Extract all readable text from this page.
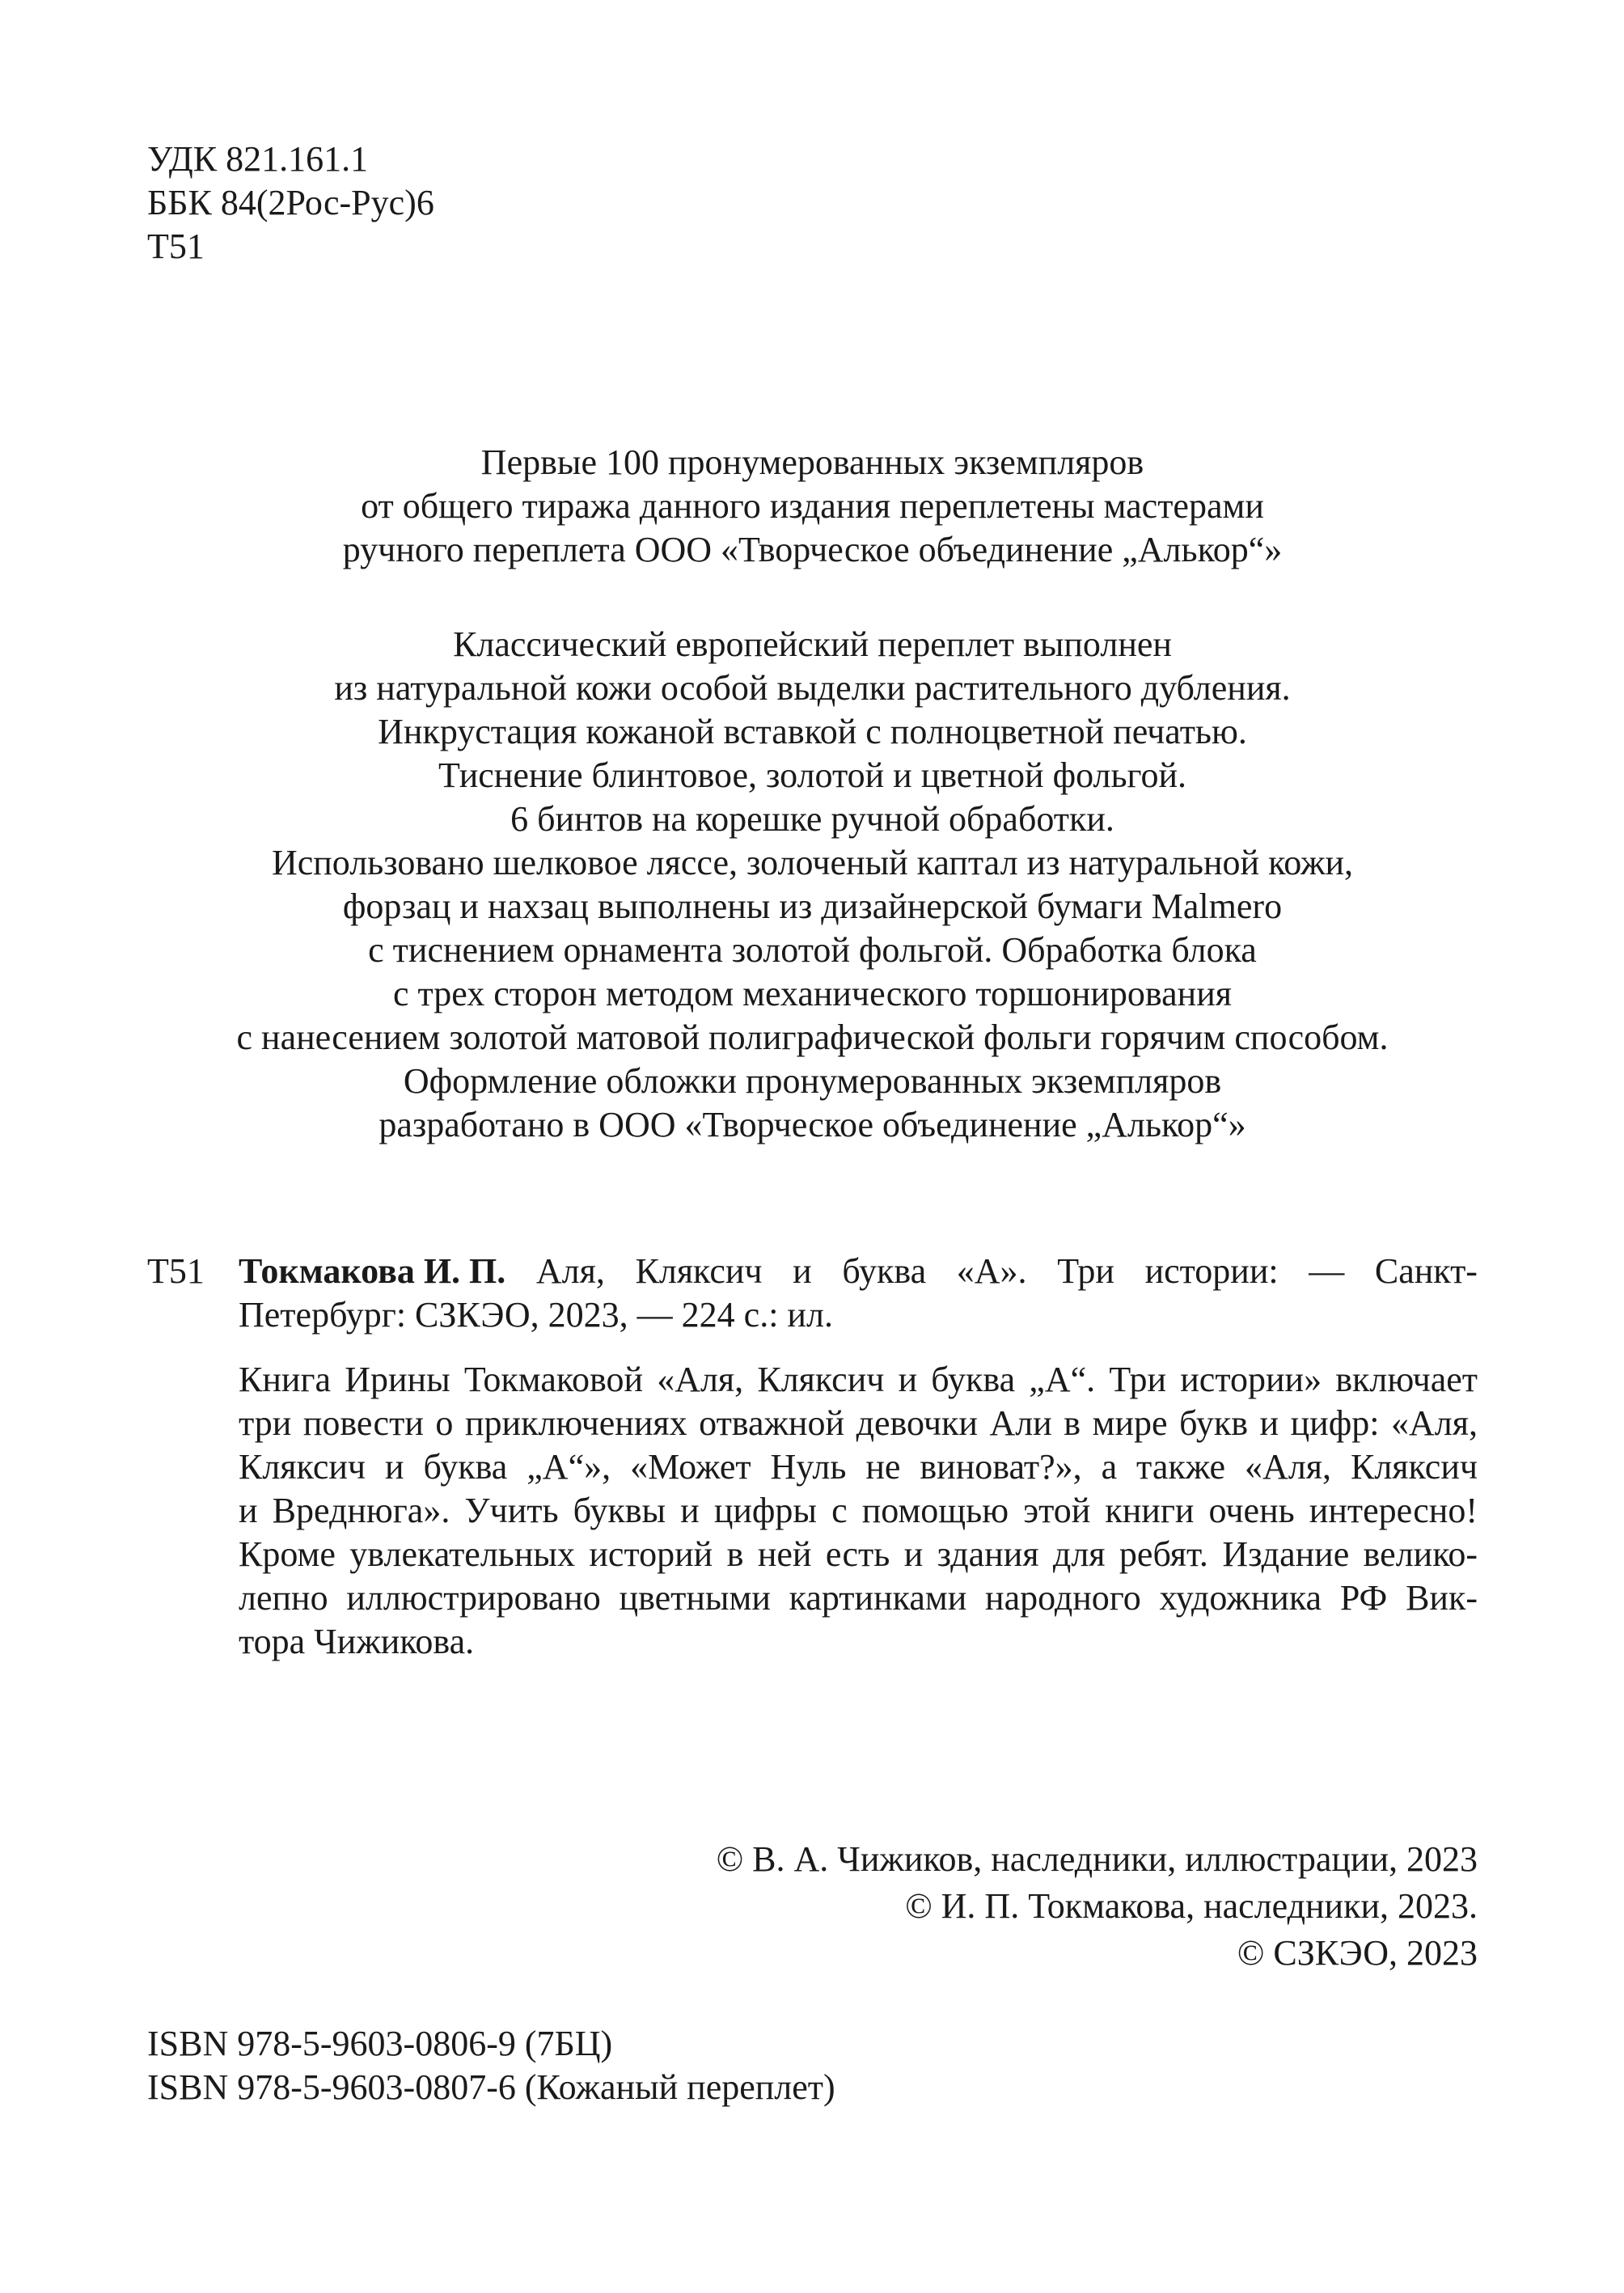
УДК 821.161.1
ББК 84(2Рос-Рус)6
Т51
Первые 100 пронумерованных экземпляров
от общего тиража данного издания переплетены мастерами
ручного переплета ООО «Творческое объединение „Алькор“»
Классический европейский переплет выполнен
из натуральной кожи особой выделки растительного дубления.
Инкрустация кожаной вставкой с полноцветной печатью.
Тиснение блинтовое, золотой и цветной фольгой.
6 бинтов на корешке ручной обработки.
Использовано шелковое ляссе, золоченый каптал из натуральной кожи,
форзац и нахзац выполнены из дизайнерской бумаги Malmero
с тиснением орнамента золотой фольгой. Обработка блока
с трех сторон методом механического торшонирования
с нанесением золотой матовой полиграфической фольги горячим способом.
Оформление обложки пронумерованных экземпляров
разработано в ООО «Творческое объединение „Алькор“»
Т51 Токмакова И. П. Аля, Кляксич и буква «А». Три истории: — Санкт-
Петербург: СЗКЭО, 2023, — 224 с.: ил.
Книга Ирины Токмаковой «Аля, Кляксич и буква „А“. Три истории» включает
три повести о приключениях отважной девочки Али в мире букв и цифр: «Аля,
Кляксич и буква „А“», «Может Нуль не виноват?», а также «Аля, Кляксич
и Вреднюга». Учить буквы и цифры с помощью этой книги очень интересно!
Кроме увлекательных историй в ней есть и здания для ребят. Издание велико-
лепно иллюстрировано цветными картинками народного художника РФ Вик-
тора Чижикова.
© В. А. Чижиков, наследники, иллюстрации, 2023
© И. П. Токмакова, наследники, 2023.
© СЗКЭО, 2023
ISBN 978-5-9603-0806-9 (7БЦ)
ISBN 978-5-9603-0807-6 (Кожаный переплет)
